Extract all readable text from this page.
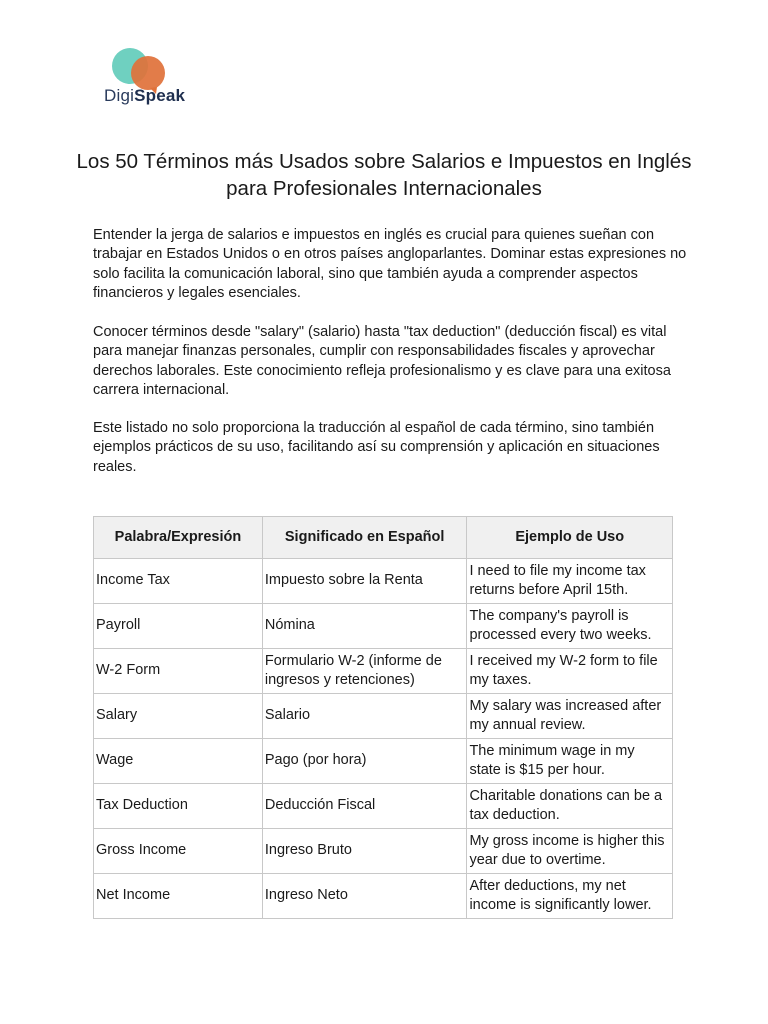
DigiSpeak
Los 50 Términos más Usados sobre Salarios e Impuestos en Inglés para Profesionales Internacionales
Entender la jerga de salarios e impuestos en inglés es crucial para quienes sueñan con trabajar en Estados Unidos o en otros países angloparlantes. Dominar estas expresiones no solo facilita la comunicación laboral, sino que también ayuda a comprender aspectos financieros y legales esenciales.
Conocer términos desde "salary" (salario) hasta "tax deduction" (deducción fiscal) es vital para manejar finanzas personales, cumplir con responsabilidades fiscales y aprovechar derechos laborales. Este conocimiento refleja profesionalismo y es clave para una exitosa carrera internacional.
Este listado no solo proporciona la traducción al español de cada término, sino también ejemplos prácticos de su uso, facilitando así su comprensión y aplicación en situaciones reales.
Palabra/Expresión	Significado en Español	Ejemplo de Uso
Income Tax	Impuesto sobre la Renta	I need to file my income tax returns before April 15th.
Payroll	Nómina	The company's payroll is processed every two weeks.
W-2 Form	Formulario W-2 (informe de ingresos y retenciones)	I received my W-2 form to file my taxes.
Salary	Salario	My salary was increased after my annual review.
Wage	Pago (por hora)	The minimum wage in my state is $15 per hour.
Tax Deduction	Deducción Fiscal	Charitable donations can be a tax deduction.
Gross Income	Ingreso Bruto	My gross income is higher this year due to overtime.
Net Income	Ingreso Neto	After deductions, my net income is significantly lower.
